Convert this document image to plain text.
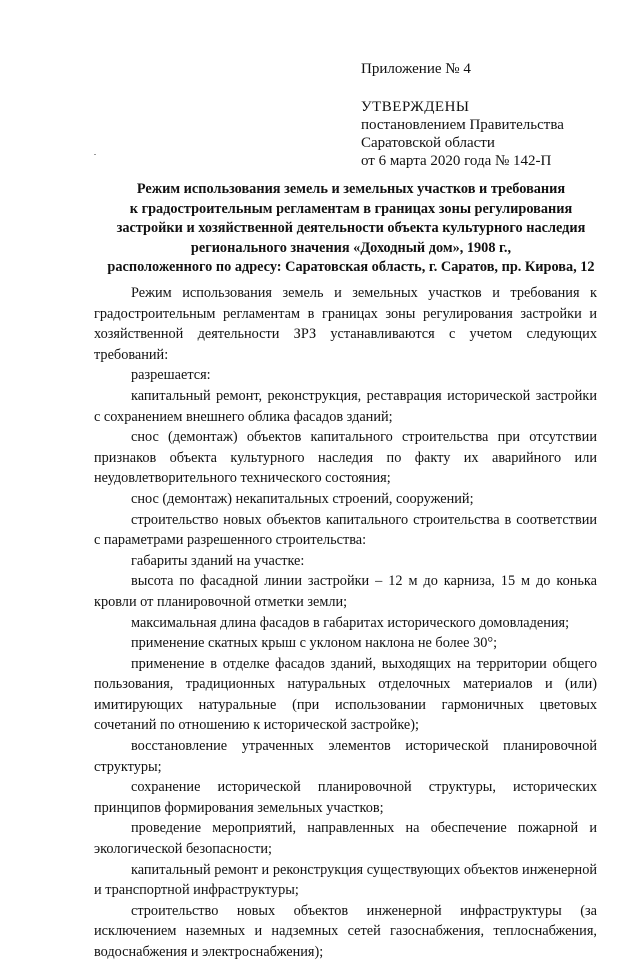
Приложение № 4

УТВЕРЖДЕНЫ

постановлением Правительства

Саратовской области

от 6 марта 2020 года № 142-П

Режим использования земель и земельных участков и требования

к градостроительным регламентам в границах зоны регулирования

застройки и хозяйственной деятельности объекта культурного наследия

регионального значения «Доходный дом», 1908 г.,

расположенного по адресу: Саратовская область, г. Саратов, пр. Кирова, 12

Режим использования земель и земельных участков и требования к градостроительным регламентам в границах зоны регулирования застройки и хозяйственной деятельности ЗРЗ устанавливаются с учетом следующих требований:

разрешается:

капитальный ремонт, реконструкция, реставрация исторической застройки с сохранением внешнего облика фасадов зданий;

снос (демонтаж) объектов капитального строительства при отсутствии признаков объекта культурного наследия по факту их аварийного или неудовлетворительного технического состояния;

снос (демонтаж) некапитальных строений, сооружений;

строительство новых объектов капитального строительства в соответствии с параметрами разрешенного строительства:

габариты зданий на участке:

высота по фасадной линии застройки – 12 м до карниза, 15 м до конька кровли от планировочной отметки земли;

максимальная длина фасадов в габаритах исторического домовладения;

применение скатных крыш с уклоном наклона не более 30°;

применение в отделке фасадов зданий, выходящих на территории общего пользования, традиционных натуральных отделочных материалов и (или) имитирующих натуральные (при использовании гармоничных цветовых сочетаний по отношению к исторической застройке);

восстановление утраченных элементов исторической планировочной структуры;

сохранение исторической планировочной структуры, исторических принципов формирования земельных участков;

проведение мероприятий, направленных на обеспечение пожарной и экологической безопасности;

капитальный ремонт и реконструкция существующих объектов инженерной и транспортной инфраструктуры;

строительство новых объектов инженерной инфраструктуры (за исключением наземных и надземных сетей газоснабжения, теплоснабжения, водоснабжения и электроснабжения);
